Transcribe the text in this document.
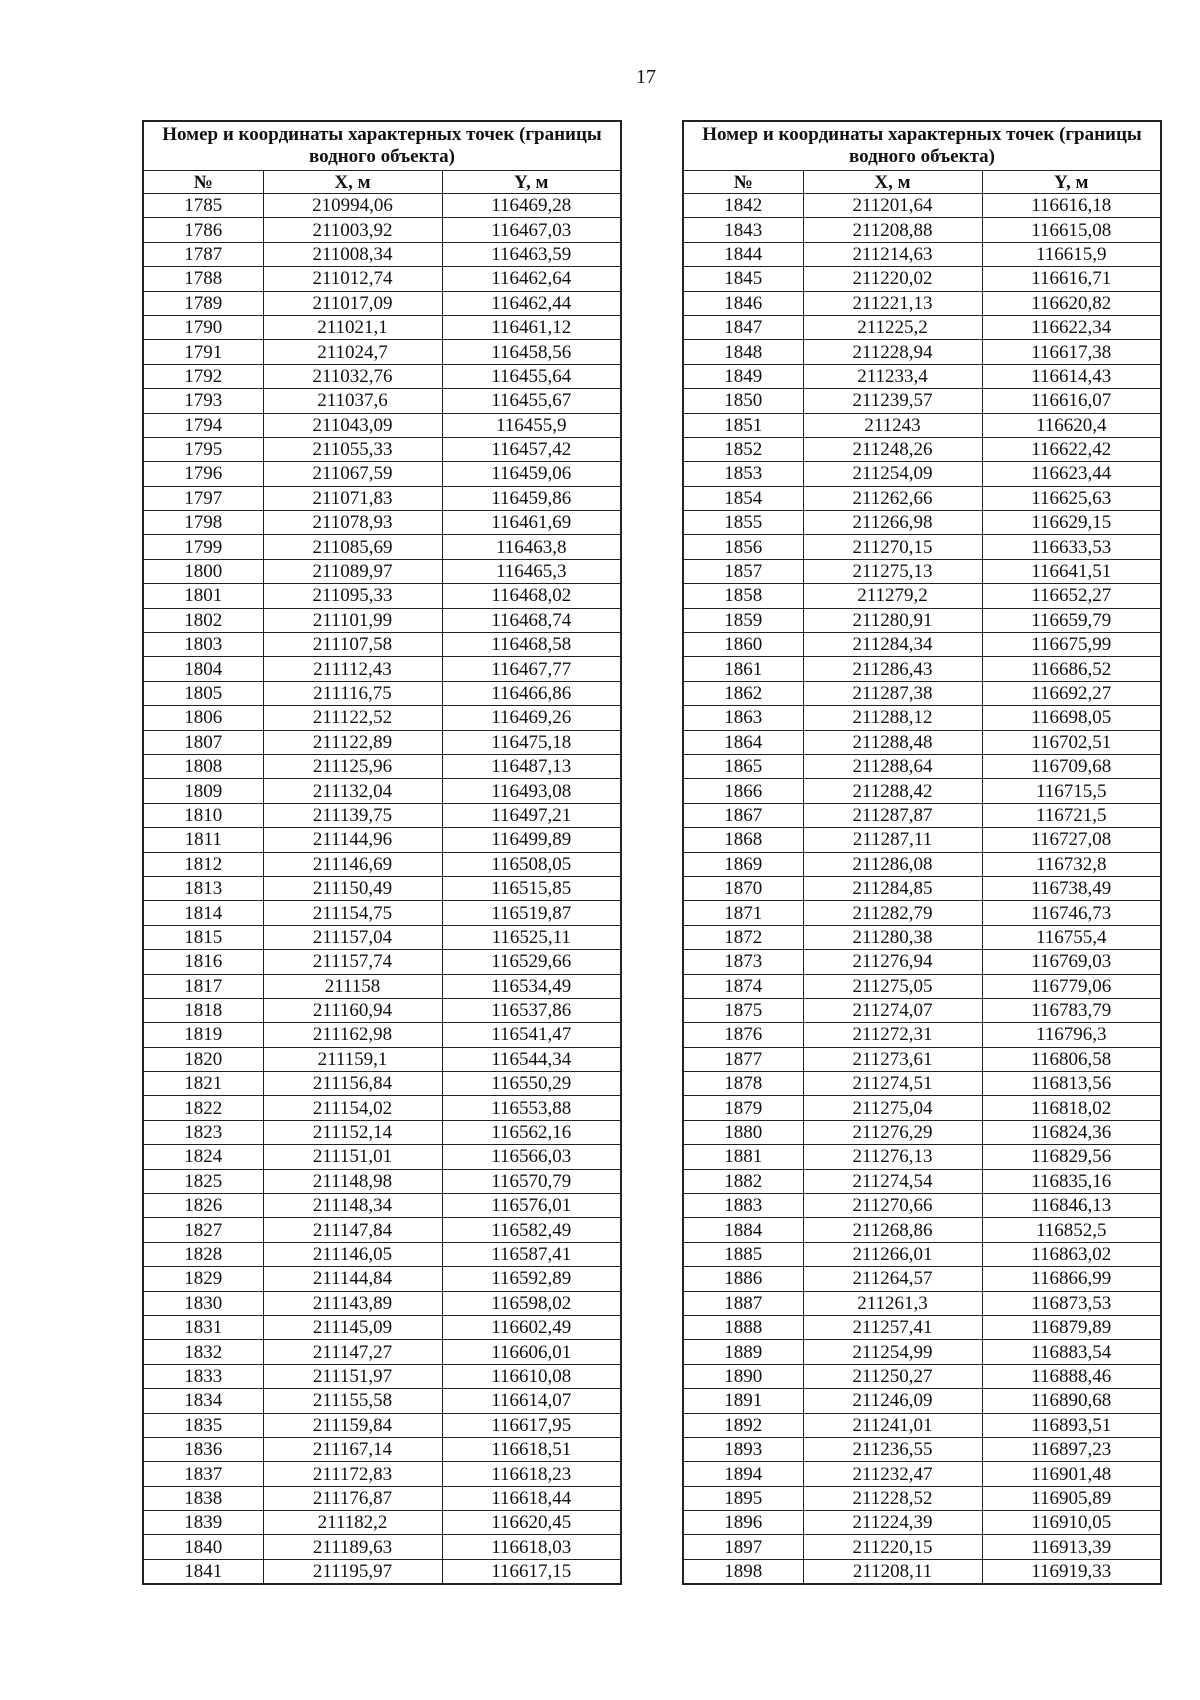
17
Номер и координаты характерных точек (границы водного объекта)		
№	X, м	Y, м
1785	210994,06	116469,28
1786	211003,92	116467,03
1787	211008,34	116463,59
1788	211012,74	116462,64
1789	211017,09	116462,44
1790	211021,1	116461,12
1791	211024,7	116458,56
1792	211032,76	116455,64
1793	211037,6	116455,67
1794	211043,09	116455,9
1795	211055,33	116457,42
1796	211067,59	116459,06
1797	211071,83	116459,86
1798	211078,93	116461,69
1799	211085,69	116463,8
1800	211089,97	116465,3
1801	211095,33	116468,02
1802	211101,99	116468,74
1803	211107,58	116468,58
1804	211112,43	116467,77
1805	211116,75	116466,86
1806	211122,52	116469,26
1807	211122,89	116475,18
1808	211125,96	116487,13
1809	211132,04	116493,08
1810	211139,75	116497,21
1811	211144,96	116499,89
1812	211146,69	116508,05
1813	211150,49	116515,85
1814	211154,75	116519,87
1815	211157,04	116525,11
1816	211157,74	116529,66
1817	211158	116534,49
1818	211160,94	116537,86
1819	211162,98	116541,47
1820	211159,1	116544,34
1821	211156,84	116550,29
1822	211154,02	116553,88
1823	211152,14	116562,16
1824	211151,01	116566,03
1825	211148,98	116570,79
1826	211148,34	116576,01
1827	211147,84	116582,49
1828	211146,05	116587,41
1829	211144,84	116592,89
1830	211143,89	116598,02
1831	211145,09	116602,49
1832	211147,27	116606,01
1833	211151,97	116610,08
1834	211155,58	116614,07
1835	211159,84	116617,95
1836	211167,14	116618,51
1837	211172,83	116618,23
1838	211176,87	116618,44
1839	211182,2	116620,45
1840	211189,63	116618,03
1841	211195,97	116617,15
Номер и координаты характерных точек (границы водного объекта)		
№	X, м	Y, м
1842	211201,64	116616,18
1843	211208,88	116615,08
1844	211214,63	116615,9
1845	211220,02	116616,71
1846	211221,13	116620,82
1847	211225,2	116622,34
1848	211228,94	116617,38
1849	211233,4	116614,43
1850	211239,57	116616,07
1851	211243	116620,4
1852	211248,26	116622,42
1853	211254,09	116623,44
1854	211262,66	116625,63
1855	211266,98	116629,15
1856	211270,15	116633,53
1857	211275,13	116641,51
1858	211279,2	116652,27
1859	211280,91	116659,79
1860	211284,34	116675,99
1861	211286,43	116686,52
1862	211287,38	116692,27
1863	211288,12	116698,05
1864	211288,48	116702,51
1865	211288,64	116709,68
1866	211288,42	116715,5
1867	211287,87	116721,5
1868	211287,11	116727,08
1869	211286,08	116732,8
1870	211284,85	116738,49
1871	211282,79	116746,73
1872	211280,38	116755,4
1873	211276,94	116769,03
1874	211275,05	116779,06
1875	211274,07	116783,79
1876	211272,31	116796,3
1877	211273,61	116806,58
1878	211274,51	116813,56
1879	211275,04	116818,02
1880	211276,29	116824,36
1881	211276,13	116829,56
1882	211274,54	116835,16
1883	211270,66	116846,13
1884	211268,86	116852,5
1885	211266,01	116863,02
1886	211264,57	116866,99
1887	211261,3	116873,53
1888	211257,41	116879,89
1889	211254,99	116883,54
1890	211250,27	116888,46
1891	211246,09	116890,68
1892	211241,01	116893,51
1893	211236,55	116897,23
1894	211232,47	116901,48
1895	211228,52	116905,89
1896	211224,39	116910,05
1897	211220,15	116913,39
1898	211208,11	116919,33
